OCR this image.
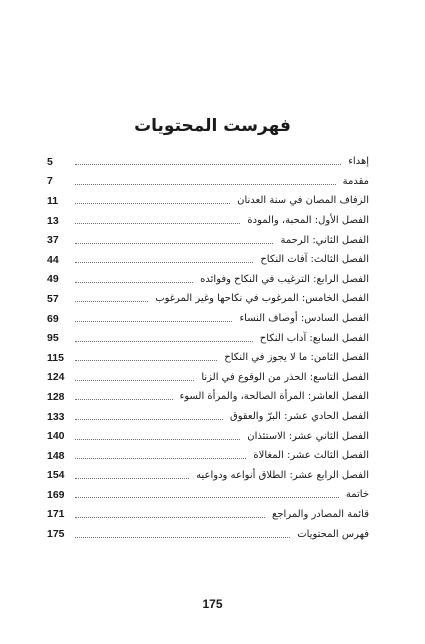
فهرست المحتويات
إهداء
5
مقدمة
7
الزفاف المصان في سنة العدنان
11
الفصل الأول: المحبة، والمودة
13
الفصل الثاني: الرحمة
37
الفصل الثالث: آفات النكاح
44
الفصل الرابع: الترغيب في النكاح وفوائده
49
الفصل الخامس: المرغوب في نكاحها وغير المرغوب
57
الفصل السادس: أوصاف النساء
69
الفصل السابع: آداب النكاح
95
الفصل الثامن: ما لا يجوز في النكاح
115
الفصل التاسع: الحذر من الوقوع في الزنا
124
الفصل العاشر: المرأة الصالحة، والمرأة السوء
128
الفصل الحادي عشر: البرّ والعقوق
133
الفصل الثاني عشر: الاستئذان
140
الفصل الثالث عشر: المغالاة
148
الفصل الرابع عشر: الطلاق أنواعه ودواعيه
154
خاتمة
169
قائمة المصادر والمراجع
171
فهرس المحتويات
175
175
